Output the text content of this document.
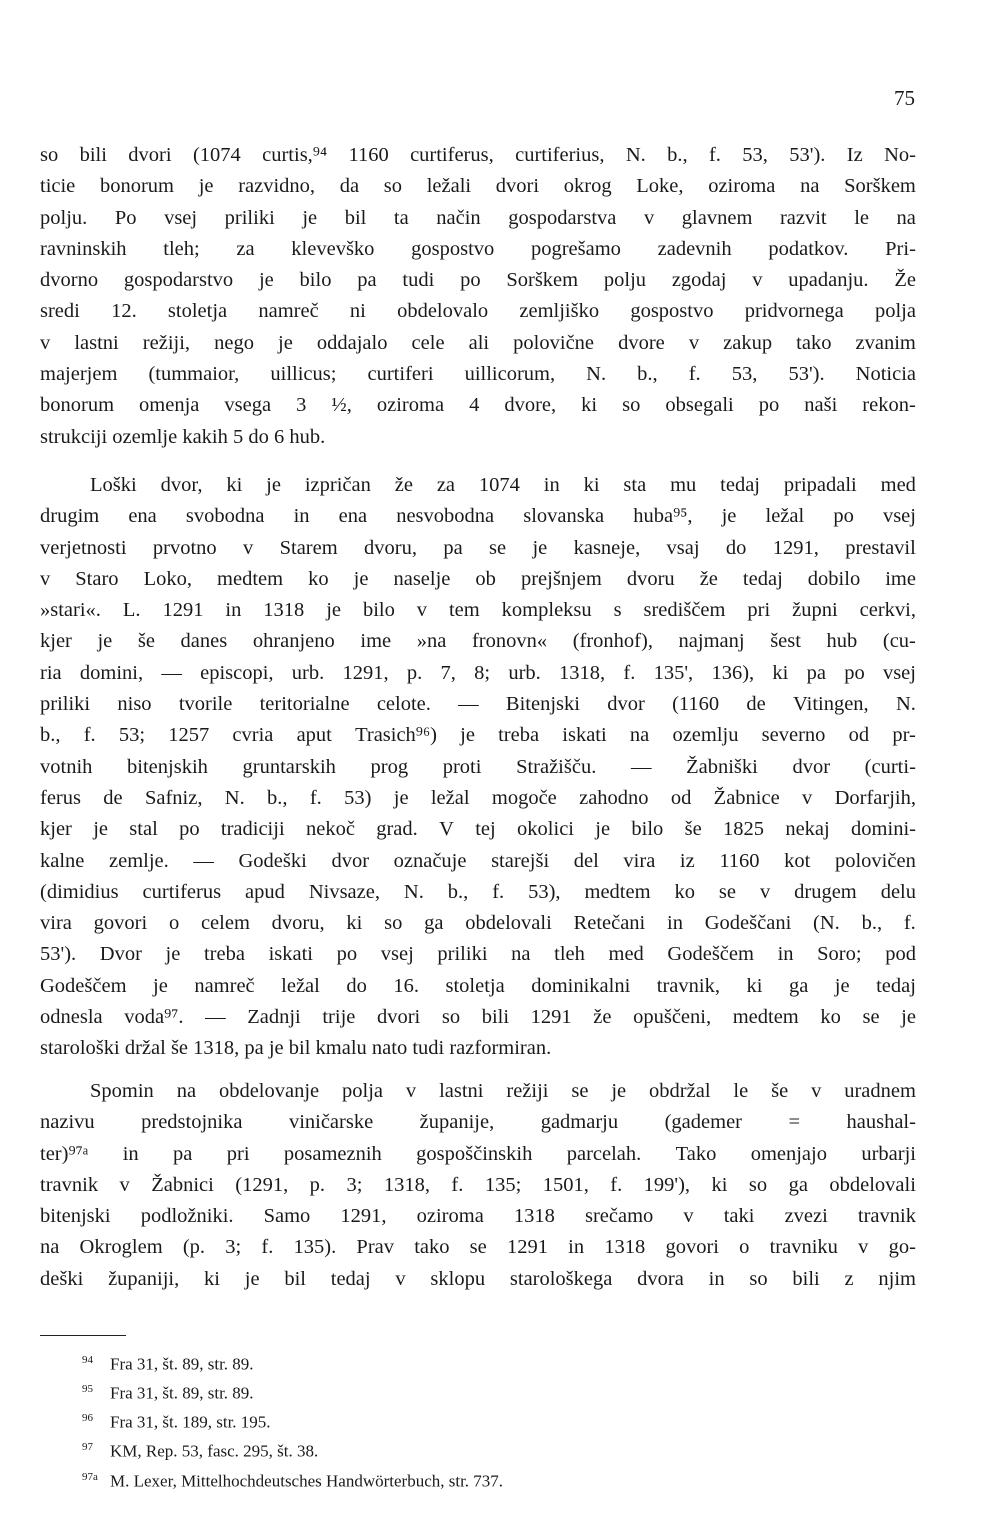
75
so bili dvori (1074 curtis,⁹⁴ 1160 curtiferus, curtiferius, N. b., f. 53, 53'). Iz No-
ticie bonorum je razvidno, da so ležali dvori okrog Loke, oziroma na Sorškem
polju. Po vsej priliki je bil ta način gospodarstva v glavnem razvit le na
ravninskih tleh; za klevevško gospostvo pogrešamo zadevnih podatkov. Pri-
dvorno gospodarstvo je bilo pa tudi po Sorškem polju zgodaj v upadanju. Že
sredi 12. stoletja namreč ni obdelovalo zemljiško gospostvo pridvornega polja
v lastni režiji, nego je oddajalo cele ali polovične dvore v zakup tako zvanim
majerjem (tummaior, uillicus; curtiferi uillicorum, N. b., f. 53, 53'). Noticia
bonorum omenja vsega 3 ½, oziroma 4 dvore, ki so obsegali po naši rekon-
strukciji ozemlje kakih 5 do 6 hub.
Loški dvor, ki je izpričan že za 1074 in ki sta mu tedaj pripadali med
drugim ena svobodna in ena nesvobodna slovanska huba⁹⁵, je ležal po vsej
verjetnosti prvotno v Starem dvoru, pa se je kasneje, vsaj do 1291, prestavil
v Staro Loko, medtem ko je naselje ob prejšnjem dvoru že tedaj dobilo ime
»stari«. L. 1291 in 1318 je bilo v tem kompleksu s središčem pri župni cerkvi,
kjer je še danes ohranjeno ime »na fronovn« (fronhof), najmanj šest hub (cu-
ria domini, — episcopi, urb. 1291, p. 7, 8; urb. 1318, f. 135', 136), ki pa po vsej
priliki niso tvorile teritorialne celote. — Bitenjski dvor (1160 de Vitingen, N.
b., f. 53; 1257 cvria aput Trasich⁹⁶) je treba iskati na ozemlju severno od pr-
votnih bitenjskih gruntarskih prog proti Stražišču. — Žabniški dvor (curti-
ferus de Safniz, N. b., f. 53) je ležal mogoče zahodno od Žabnice v Dorfarjih,
kjer je stal po tradiciji nekoč grad. V tej okolici je bilo še 1825 nekaj domini-
kalne zemlje. — Godeški dvor označuje starejši del vira iz 1160 kot polovičen
(dimidius curtiferus apud Nivsaze, N. b., f. 53), medtem ko se v drugem delu
vira govori o celem dvoru, ki so ga obdelovali Retečani in Godeščani (N. b., f.
53'). Dvor je treba iskati po vsej priliki na tleh med Godeščem in Soro; pod
Godeščem je namreč ležal do 16. stoletja dominikalni travnik, ki ga je tedaj
odnesla voda⁹⁷. — Zadnji trije dvori so bili 1291 že opuščeni, medtem ko se je
starološki držal še 1318, pa je bil kmalu nato tudi razformiran.
Spomin na obdelovanje polja v lastni režiji se je obdržal le še v uradnem
nazivu predstojnika viničarske županije, gadmarju (gademer = haushal-
ter)⁹⁷ᵃ in pa pri posameznih gospoščinskih parcelah. Tako omenjajo urbarji
travnik v Žabnici (1291, p. 3; 1318, f. 135; 1501, f. 199'), ki so ga obdelovali
bitenjski podložniki. Samo 1291, oziroma 1318 srečamo v taki zvezi travnik
na Okroglem (p. 3; f. 135). Prav tako se 1291 in 1318 govori o travniku v go-
deški županiji, ki je bil tedaj v sklopu starološkega dvora in so bili z njim
94 Fra 31, št. 89, str. 89.
95 Fra 31, št. 89, str. 89.
96 Fra 31, št. 189, str. 195.
97 KM, Rep. 53, fasc. 295, št. 38.
97a M. Lexer, Mittelhochdeutsches Handwörterbuch, str. 737.
